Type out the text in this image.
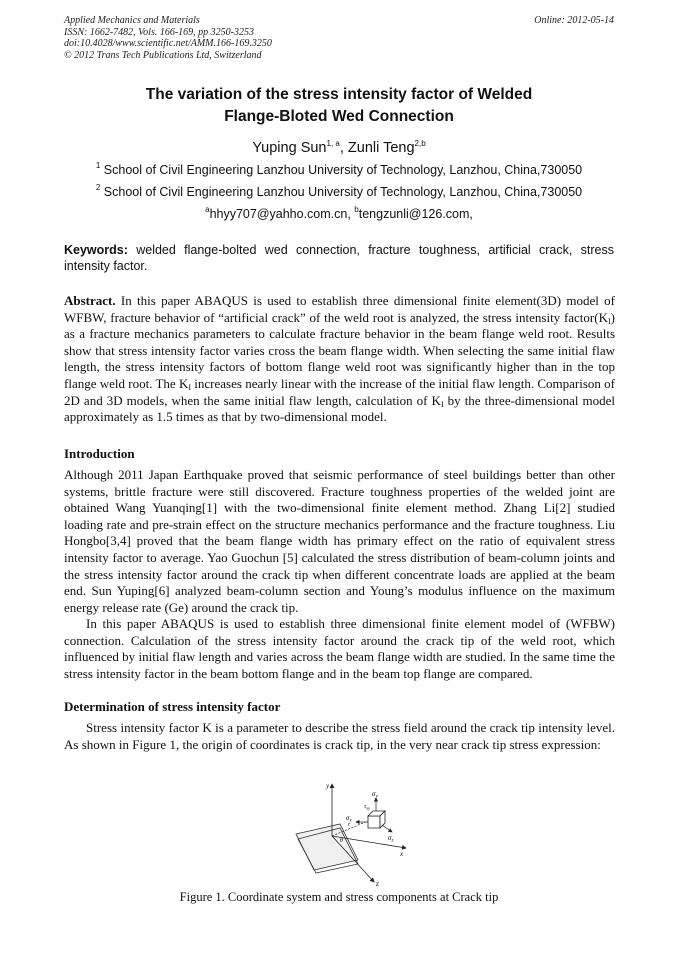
Applied Mechanics and Materials
ISSN: 1662-7482, Vols. 166-169, pp 3250-3253
doi:10.4028/www.scientific.net/AMM.166-169.3250
© 2012 Trans Tech Publications Ltd, Switzerland
Online: 2012-05-14
The variation of the stress intensity factor of Welded
Flange-Bloted Wed Connection
Yuping Sun$^{1, a}$, Zunli Teng$^{2,b}$
$^1$ School of Civil Engineering Lanzhou University of Technology, Lanzhou, China,730050
$^2$ School of Civil Engineering Lanzhou University of Technology, Lanzhou, China,730050
$^a$hhyy707@yahho.com.cn, $^b$tengzunli@126.com,
Keywords: welded flange-bolted wed connection, fracture toughness, artificial crack, stress intensity factor.
Abstract. In this paper ABAQUS is used to establish three dimensional finite element(3D) model of WFBW, fracture behavior of “artificial crack” of the weld root is analyzed, the stress intensity $factor(K_I)$ as a fracture mechanics parameters to calculate fracture behavior in the beam flange weld root. Results show that stress intensity factor varies cross the beam flange width. When selecting the same initial flaw length, the stress intensity factors of bottom flange weld root was significantly higher than in the top flange weld root. The $K_I$ increases nearly linear with the increase of the initial flaw length. Comparison of 2D and 3D models, when the same initial flaw length, calculation of $K_I$ by the three-dimensional model approximately as 1.5 times as that by two-dimensional model.
Introduction
Although 2011 Japan Earthquake proved that seismic performance of steel buildings better than other systems, brittle fracture were still discovered. Fracture toughness properties of the welded joint are obtained Wang Yuanqing[1] with the two-dimensional finite element method. Zhang Li[2] studied loading rate and pre-strain effect on the structure mechanics performance and the fracture toughness. Liu Hongbo[3,4] proved that the beam flange width has primary effect on the ratio of equivalent stress intensity factor to average. Yao Guochun [5] calculated the stress distribution of beam-column joints and the stress intensity factor around the crack tip when different concentrate loads are applied at the beam end. Sun Yuping[6] analyzed beam-column section and Young’s modulus influence on the maximum energy release rate (Ge) around the crack tip.
In this paper ABAQUS is used to establish three dimensional finite element model of (WFBW) connection. Calculation of the stress intensity factor around the crack tip of the weld root, which influenced by initial flaw length and varies across the beam flange width are studied. In the same time the stress intensity factor in the beam bottom flange and in the beam top flange are compared.
Determination of stress intensity factor
Stress intensity factor K is a parameter to describe the stress field around the crack tip intensity level. As shown in Figure 1, the origin of coordinates is crack tip, in the very near crack tip stress expression:
y
x
z
$\sigma_y$
$\tau_{xy}$
$\sigma_x$
$\sigma_z$
r
θ
Figure 1. Coordinate system and stress components at Crack tip
